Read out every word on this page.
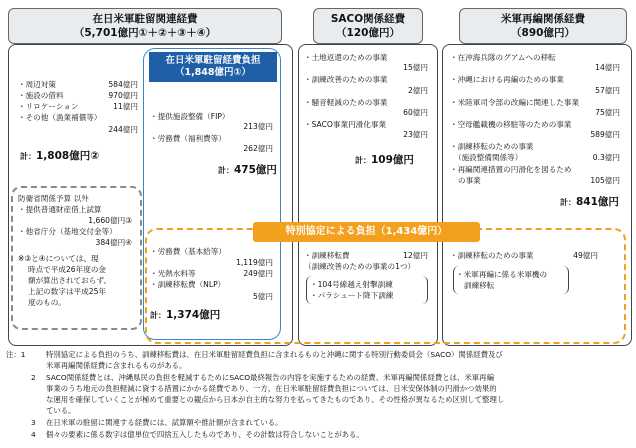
在日米軍駐留関連経費
（5,701億円①＋②＋③＋④）
・周辺対策	584億円
・施設の借料	970億円
・リロケーション	11億円
・その他（漁業補償等）
244億円
計：1,808億円②
防衛省関係予算 以外
・提供普通財産借上試算
1,660億円③
・他省庁分（基地交付金等）
384億円④
※③と④については、現
時点で平成26年度の金
額が算出されておらず、
上記の数字は平成25年
度のもの。
在日米軍駐留経費負担
（1,848億円①）
・提供施設整備（FIP）
213億円
・労務費（福利費等）
262億円
計：475億円
SACO関係経費
（120億円）
・土地返還のための事業
15億円
・訓練改善のための事業
2億円
・騒音軽減のための事業
60億円
・SACO事業円滑化事業
23億円
計：109億円
米軍再編関係経費
（890億円）
・在沖海兵隊のグアムへの移転
14億円
・沖縄における再編のための事業
57億円
・米陸軍司令部の改編に関連した事業
75億円
・空母艦載機の移駐等のための事業
589億円
・訓練移転のための事業
（施設整備関係等）	0.3億円
・再編関連措置の円滑化を図るため
の事業	105億円
計：841億円
特別協定による負担（1,434億円）
・労務費（基本給等）
1,119億円
・光熱水料等	249億円
・訓練移転費（NLP）
5億円
計：1,374億円
・訓練移転費	12億円
（訓練改善のための事業の1つ）
・104号線越え射撃訓練
・パラシュート降下訓練
・訓練移転のための事業	49億円
・米軍再編に係る米軍機の
訓練移転
注：1	特別協定による負担のうち、訓練移転費は、在日米軍駐留経費負担に含まれるものと沖縄に関する特別行動委員会（SACO）関係経費及び
米軍再編関係経費に含まれるものがある。
2 SACO関係経費とは、沖縄県民の負担を軽減するためにSACO最終報告の内容を実施するための経費、米軍再編関係経費とは、米軍再編
事業のうち地元の負担軽減に資する措置にかかる経費であり、一方、在日米軍駐留経費負担については、日米安保体制の円滑かつ効果的
な運用を確保していくことが極めて重要との観点から日本が自主的な努力を払ってきたものであり、その性格が異なるため区別して整理し
ている。
3 在日米軍の駐留に関連する経費には、試算額や推計額が含まれている。
4 個々の要素に係る数字は億単位で四捨五入したものであり、その計数は符合しないことがある。
